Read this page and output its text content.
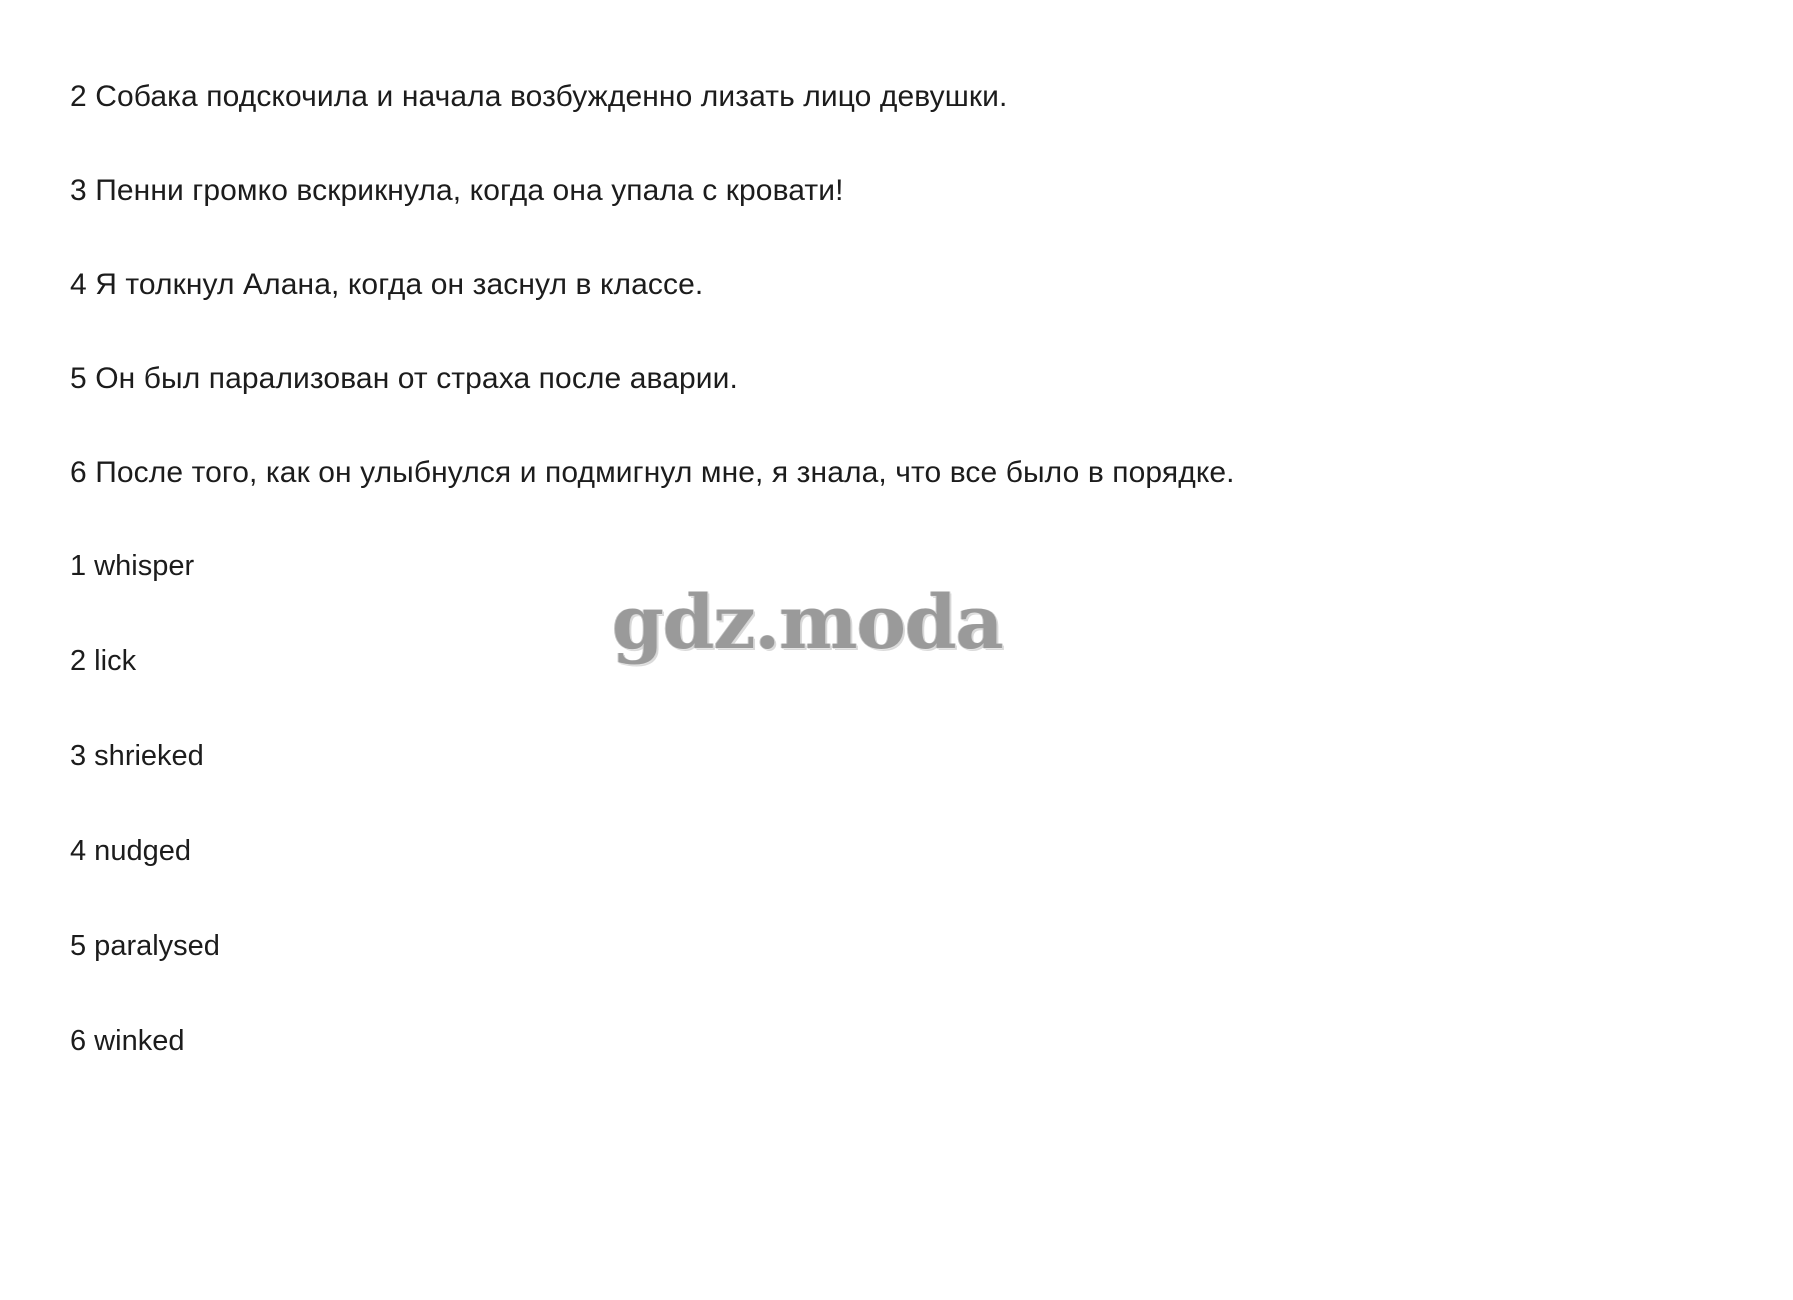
2 Собака подскочила и начала возбужденно лизать лицо девушки.

3 Пенни громко вскрикнула, когда она упала с кровати!

4 Я толкнул Алана, когда он заснул в классе.

5 Он был парализован от страха после аварии.

6 После того, как он улыбнулся и подмигнул мне, я знала, что все было в порядке.

1 whisper

2 lick

3 shrieked

4 nudged

5 paralysed

6 winked

gdz.moda
